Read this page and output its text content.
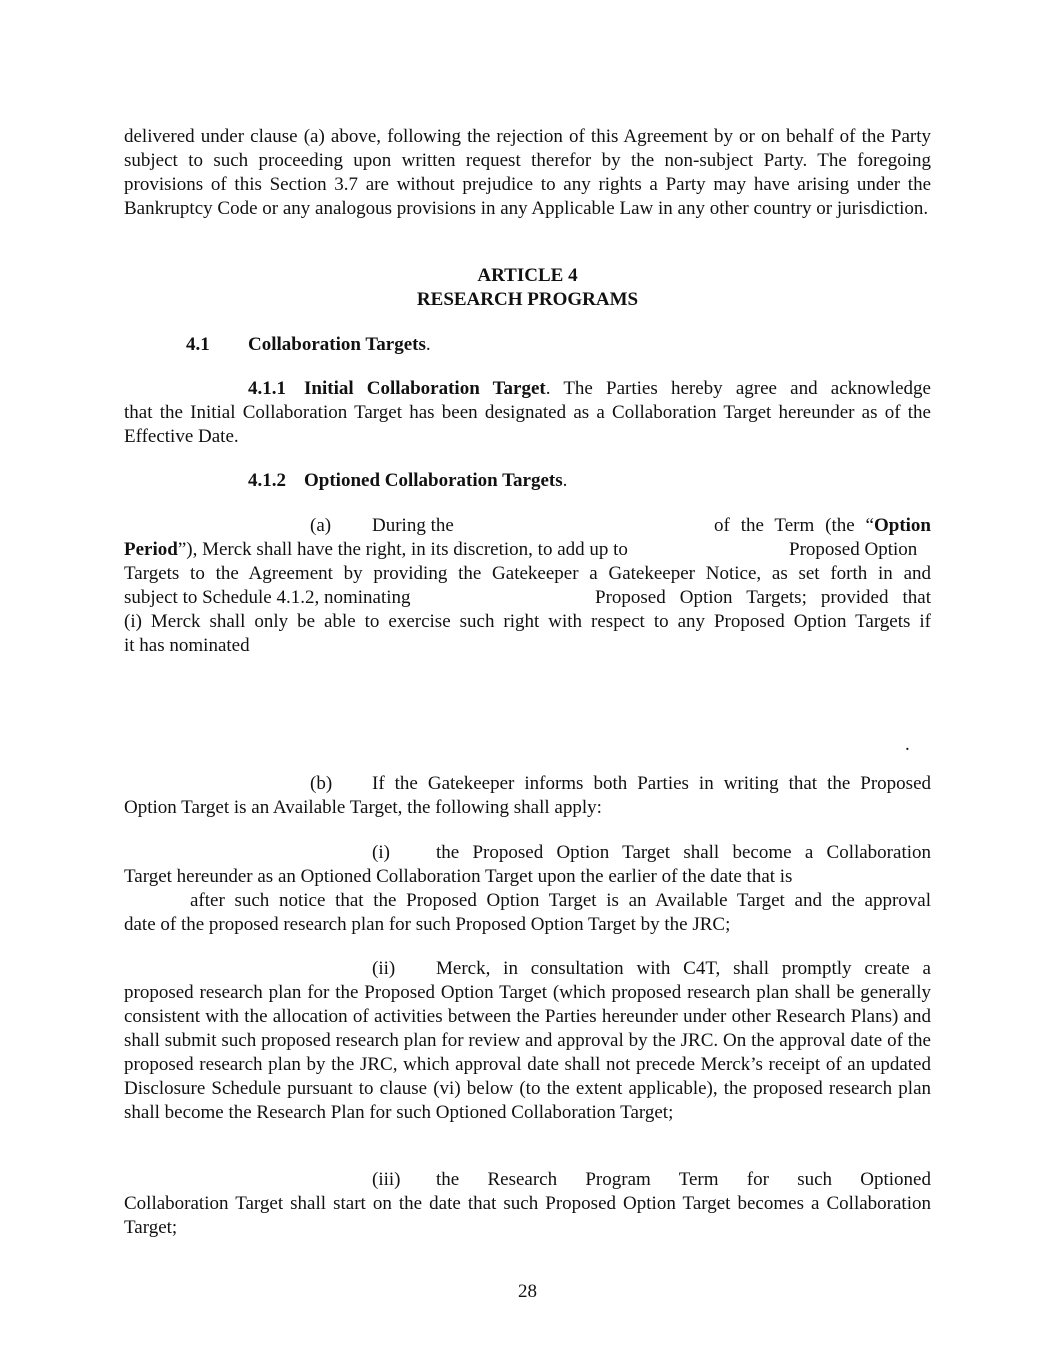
delivered under clause (a) above, following the rejection of this Agreement by or on behalf of the Party subject to such proceeding upon written request therefor by the non-subject Party. The foregoing provisions of this Section 3.7 are without prejudice to any rights a Party may have arising under the Bankruptcy Code or any analogous provisions in any Applicable Law in any other country or jurisdiction.

ARTICLE 4
RESEARCH PROGRAMS
4.1 Collaboration Targets.
4.1.1 Initial Collaboration Target. The Parties hereby agree and acknowledge
that the Initial Collaboration Target has been designated as a Collaboration Target hereunder as of the Effective Date.
4.1.2 Optioned Collaboration Targets.
(a) During the	of the Term (the “Option
Period”), Merck shall have the right, in its discretion, to add up to	Proposed Option
Targets to the Agreement by providing the Gatekeeper a Gatekeeper Notice, as set forth in and
subject to Schedule 4.1.2, nominating	Proposed Option Targets; provided that
(i) Merck shall only be able to exercise such right with respect to any Proposed Option Targets if
it has nominated
.
(b) If the Gatekeeper informs both Parties in writing that the Proposed
Option Target is an Available Target, the following shall apply:
(i) the Proposed Option Target shall become a Collaboration
Target hereunder as an Optioned Collaboration Target upon the earlier of the date that is
after such notice that the Proposed Option Target is an Available Target and the approval
date of the proposed research plan for such Proposed Option Target by the JRC;
(ii) Merck, in consultation with C4T, shall promptly create a

proposed research plan for the Proposed Option Target (which proposed research plan shall be generally consistent with the allocation of activities between the Parties hereunder under other Research Plans) and shall submit such proposed research plan for review and approval by the JRC. On the approval date of the proposed research plan by the JRC, which approval date shall not precede Merck’s receipt of an updated Disclosure Schedule pursuant to clause (vi) below (to the extent applicable), the proposed research plan shall become the Research Plan for such Optioned Collaboration Target;

(iii) the Research Program Term for such Optioned

Collaboration Target shall start on the date that such Proposed Option Target becomes a Collaboration Target;

28
